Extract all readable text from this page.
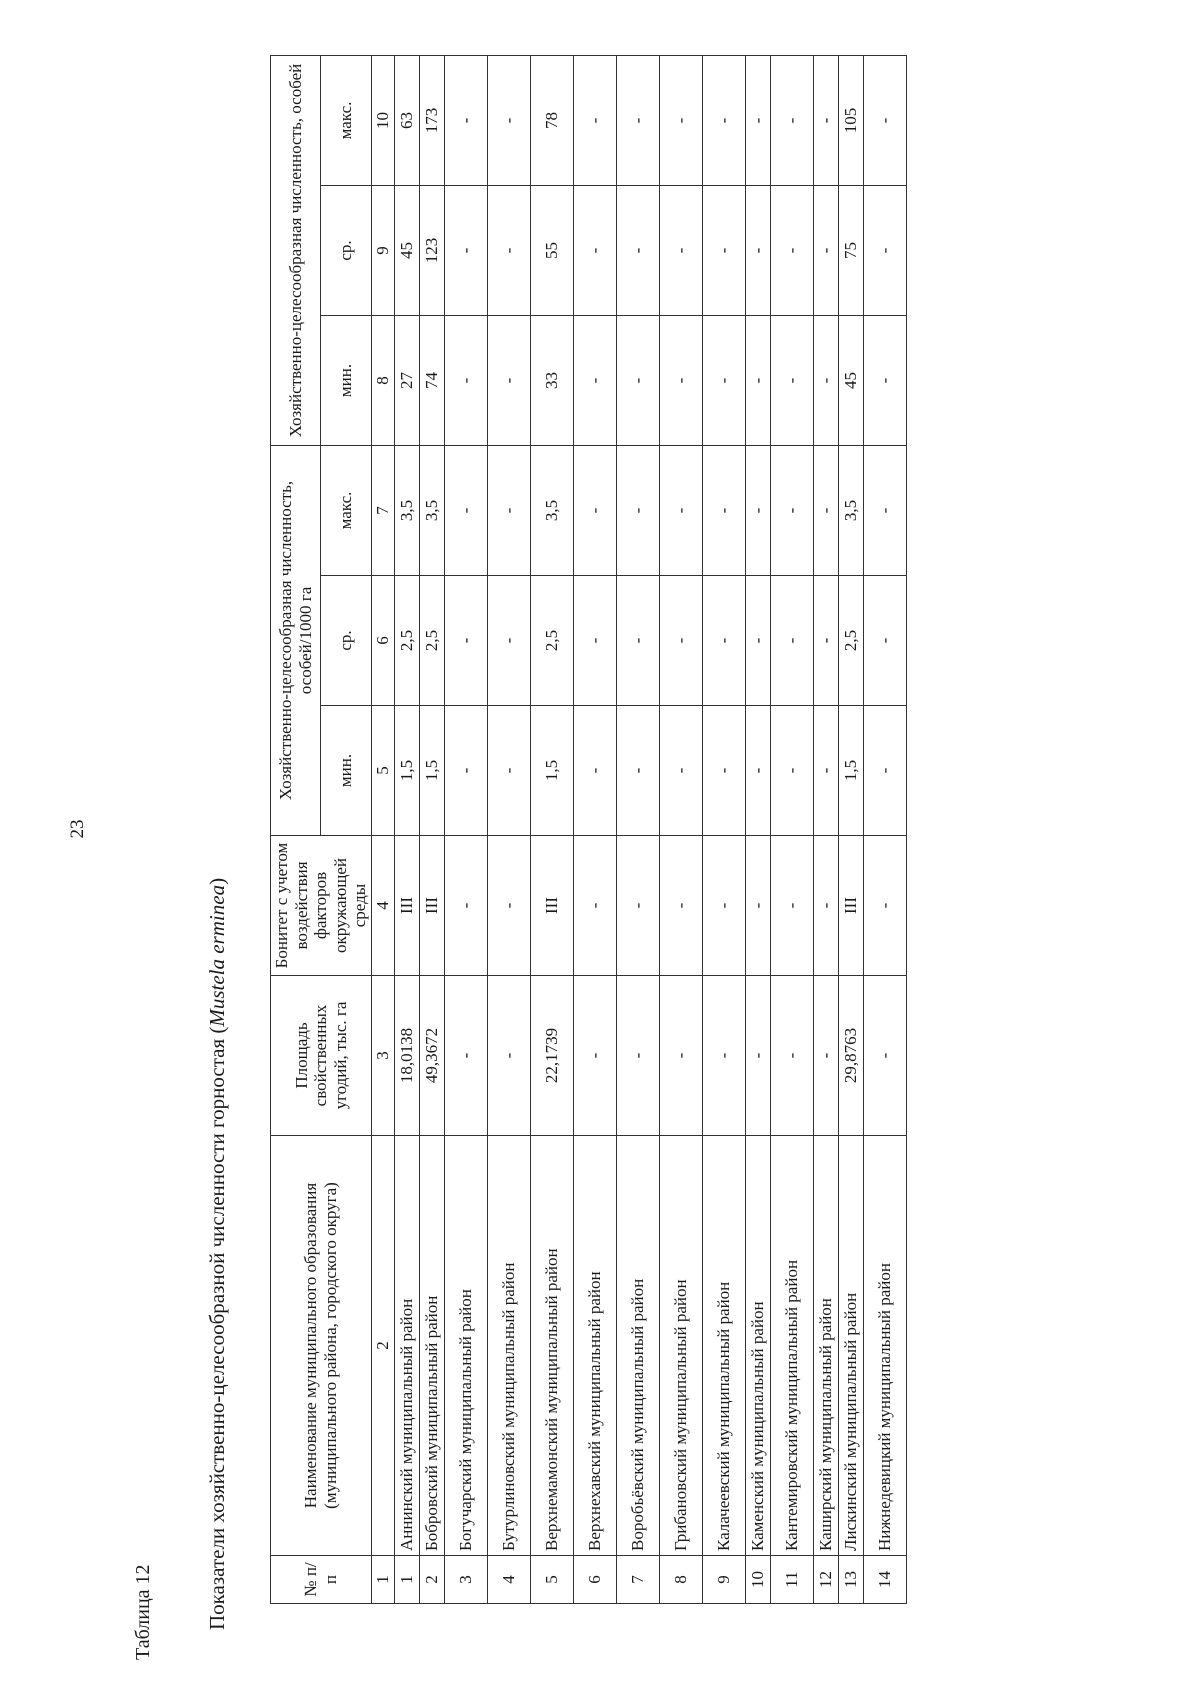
23
Таблица 12 Показатели хозяйственно-целесообразной численности горностая (Mustela erminea)
№ п/п	Наименование муниципального образования (муниципального района, городского округа)	Площадь свойственных угодий, тыс. га	Бонитет с учетом воздействия факторов окружающей среды	Хозяйственно-целесообразная численность, особей/1000 га			Хозяйственно-целесообразная численность, особей		
				мин.	ср.	макс.	мин.	ср.	макс.
1	2	3	4	5	6	7	8	9	10
1	Аннинский муниципальный район	18,0138	III	1,5	2,5	3,5	27	45	63
2	Бобровский муниципальный район	49,3672	III	1,5	2,5	3,5	74	123	173
3	Богучарский муниципальный район	-	-	-	-	-	-	-	-
4	Бутурлиновский муниципальный район	-	-	-	-	-	-	-	-
5	Верхнемамонский муниципальный район	22,1739	III	1,5	2,5	3,5	33	55	78
6	Верхнехавский муниципальный район	-	-	-	-	-	-	-	-
7	Воробьёвский муниципальный район	-	-	-	-	-	-	-	-
8	Грибановский муниципальный район	-	-	-	-	-	-	-	-
9	Калачеевский муниципальный район	-	-	-	-	-	-	-	-
10	Каменский муниципальный район	-	-	-	-	-	-	-	-
11	Кантемировский муниципальный район	-	-	-	-	-	-	-	-
12	Каширский муниципальный район	-	-	-	-	-	-	-	-
13	Лискинский муниципальный район	29,8763	III	1,5	2,5	3,5	45	75	105
14	Нижнедевицкий муниципальный район	-	-	-	-	-	-	-	-
